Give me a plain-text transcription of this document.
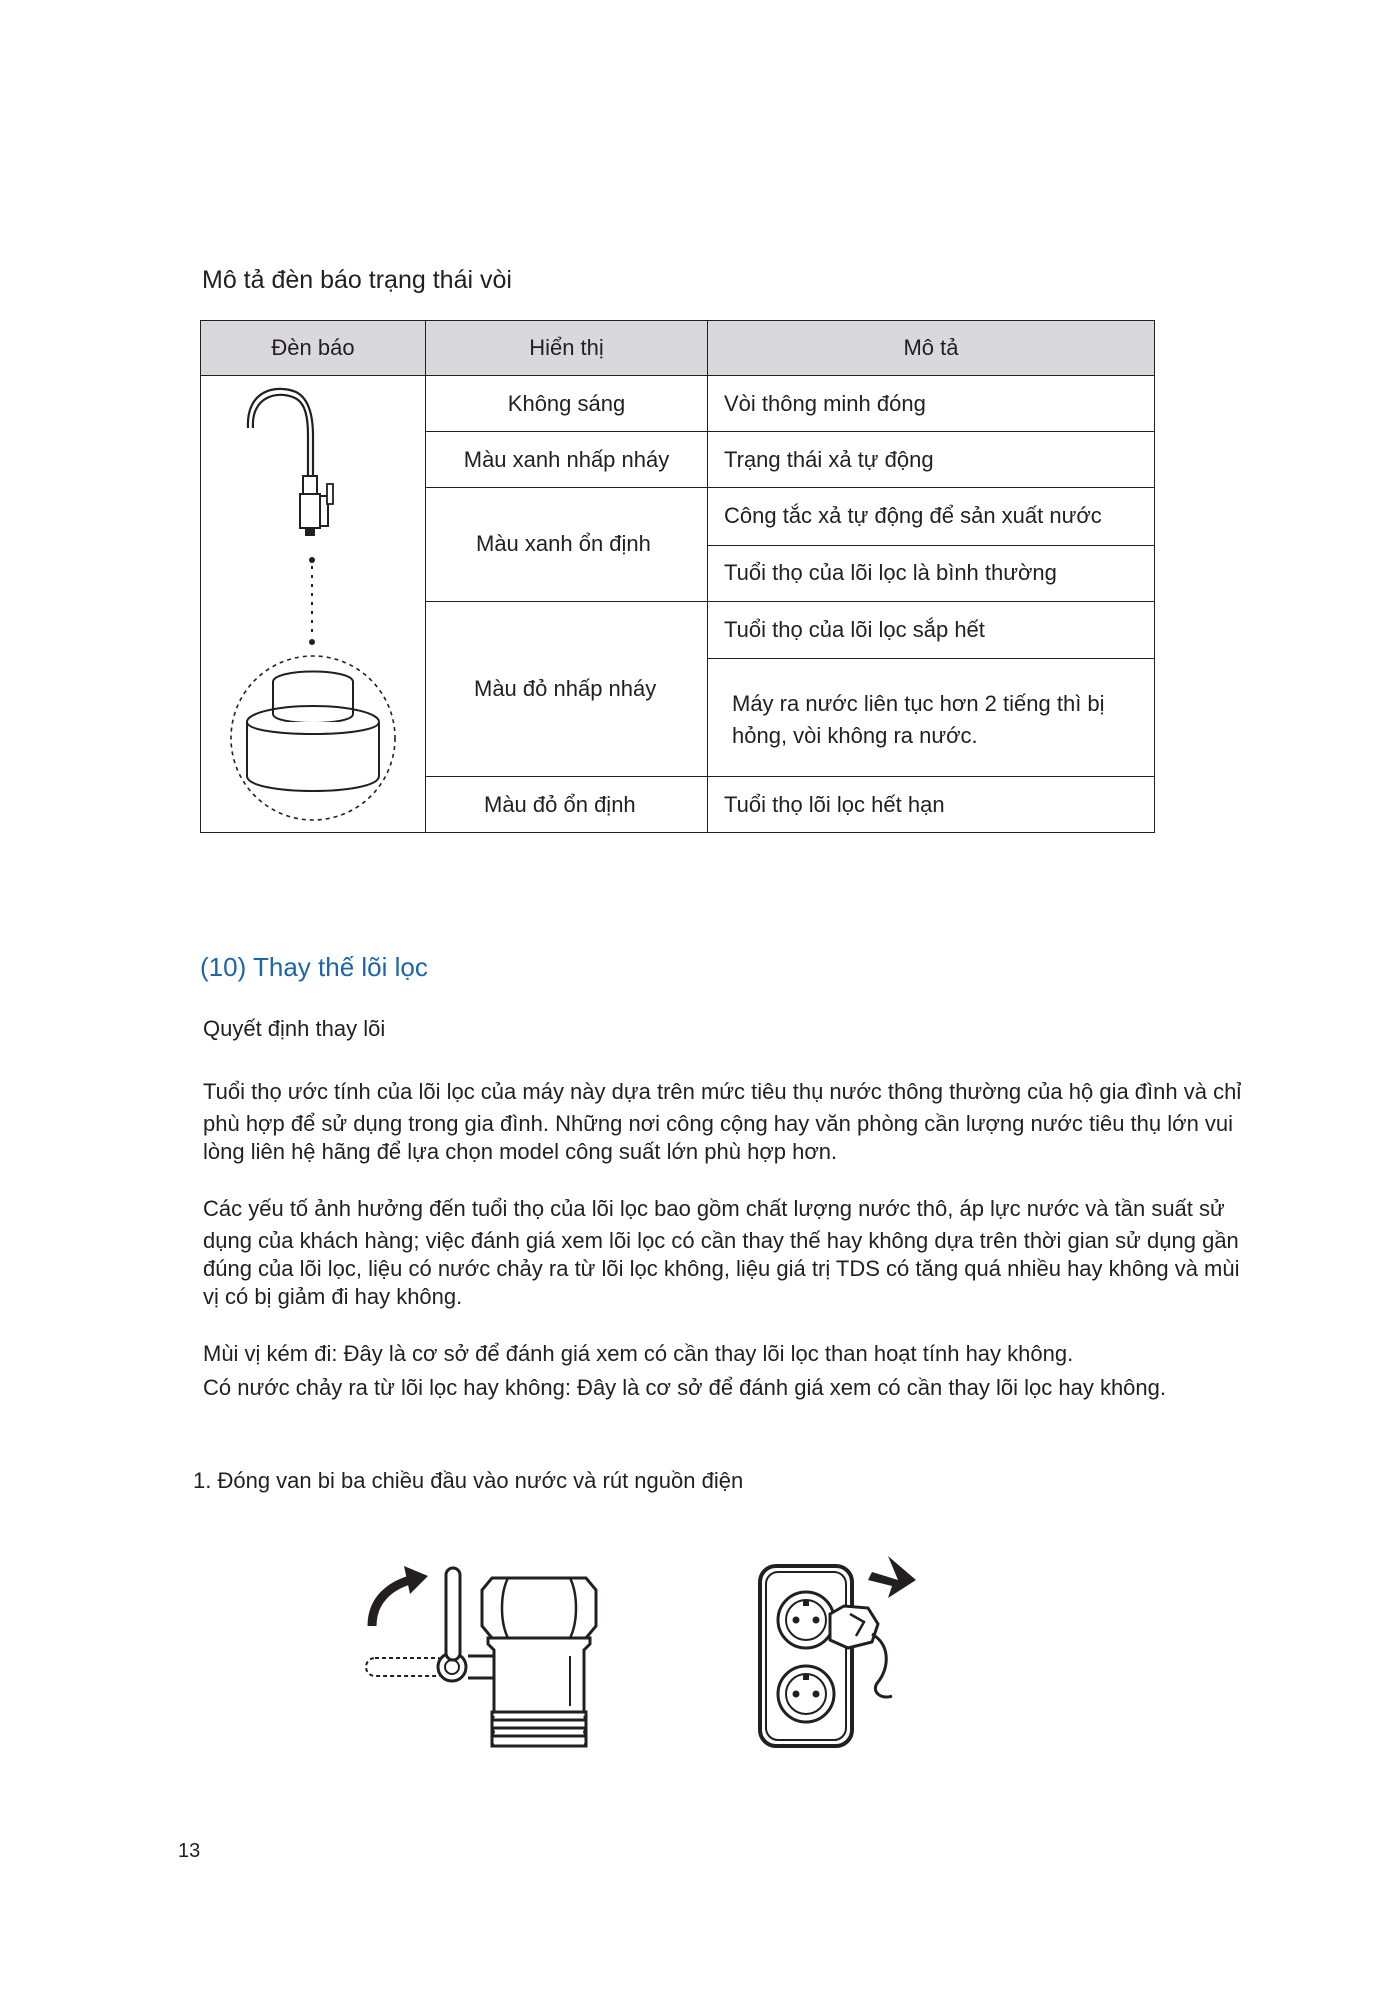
Mô tả đèn báo trạng thái vòi
Đèn báo	Hiển thị	Mô tả
	Không sáng	Vòi thông minh đóng
	Màu xanh nhấp nháy	Trạng thái xả tự động
	Màu xanh ổn định	Công tắc xả tự động để sản xuất nước
		Tuổi thọ của lõi lọc là bình thường
	Màu đỏ nhấp nháy	Tuổi thọ của lõi lọc sắp hết
		Máy ra nước liên tục hơn 2 tiếng thì bị hỏng, vòi không ra nước.
	Màu đỏ ổn định	Tuổi thọ lõi lọc hết hạn
(10) Thay thế lõi lọc
Quyết định thay lõi
Tuổi thọ ước tính của lõi lọc của máy này dựa trên mức tiêu thụ nước thông thường của hộ gia đình và chỉ
phù hợp để sử dụng trong gia đình. Những nơi công cộng hay văn phòng cần lượng nước tiêu thụ lớn vui
lòng liên hệ hãng để lựa chọn model công suất lớn phù hợp hơn.
Các yếu tố ảnh hưởng đến tuổi thọ của lõi lọc bao gồm chất lượng nước thô, áp lực nước và tần suất sử
dụng của khách hàng; việc đánh giá xem lõi lọc có cần thay thế hay không dựa trên thời gian sử dụng gần
đúng của lõi lọc, liệu có nước chảy ra từ lõi lọc không, liệu giá trị TDS có tăng quá nhiều hay không và mùi
vị có bị giảm đi hay không.
Mùi vị kém đi: Đây là cơ sở để đánh giá xem có cần thay lõi lọc than hoạt tính hay không.
Có nước chảy ra từ lõi lọc hay không: Đây là cơ sở để đánh giá xem có cần thay lõi lọc hay không.
1. Đóng van bi ba chiều đầu vào nước và rút nguồn điện
13
